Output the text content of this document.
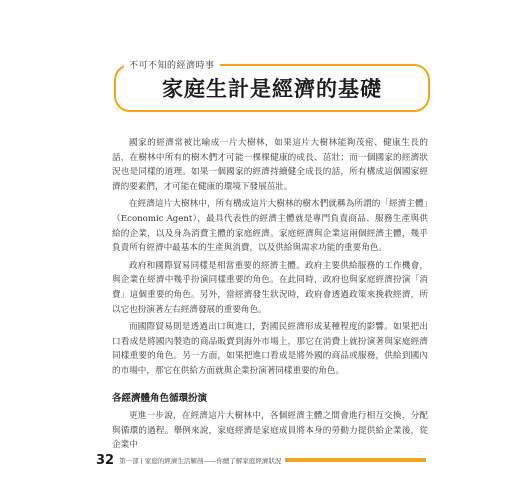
不可不知的經濟時事
家庭生計是經濟的基礎

國家的經濟常被比喻成一片大樹林，如果這片大樹林能夠茂密、健康生長的話，在樹林中所有的樹木們才可能一棵棵健康的成長、茁壯；而一個國家的經濟狀況也是同樣的道理。如果一個國家的經濟持續健全成長的話，所有構成這個國家經濟的要素們，才可能在健康的環境下發展茁壯。

在經濟這片大樹林中，所有構成這片大樹林的樹木們就稱為所謂的「經濟主體」（Economic Agent），最具代表性的經濟主體就是專門負責商品、服務生產與供給的企業，以及身為消費主體的家庭經濟。家庭經濟與企業這兩個經濟主體，幾乎負責所有經濟中最基本的生產與消費，以及供給與需求功能的重要角色。

政府和國際貿易同樣是相當重要的經濟主體。政府主要供給服務的工作機會，與企業在經濟中幾乎扮演同樣重要的角色。在此同時，政府也與家庭經濟扮演「消費」這個重要的角色。另外，當經濟發生狀況時，政府會透過政策來挽救經濟，所以它也扮演著左右經濟發展的重要角色。

而國際貿易則是透過出口與進口，對國民經濟形成某種程度的影響。如果把出口看成是將國內製造的商品販賣到海外市場上，那它在消費上就扮演著與家庭經濟同樣重要的角色。另一方面，如果把進口看成是將外國的商品或服務，供給到國內的市場中，那它在供給方面就與企業扮演著同樣重要的角色。

各經濟體角色循環扮演

更進一步說，在經濟這片大樹林中，各個經濟主體之間會進行相互交換，分配與循環的過程。舉例來說，家庭經濟是家庭成員將本身的勞動力提供給企業後，從企業中

32 第一部 | 家庭的經濟生活解剖——你總了解家庭經濟狀況
